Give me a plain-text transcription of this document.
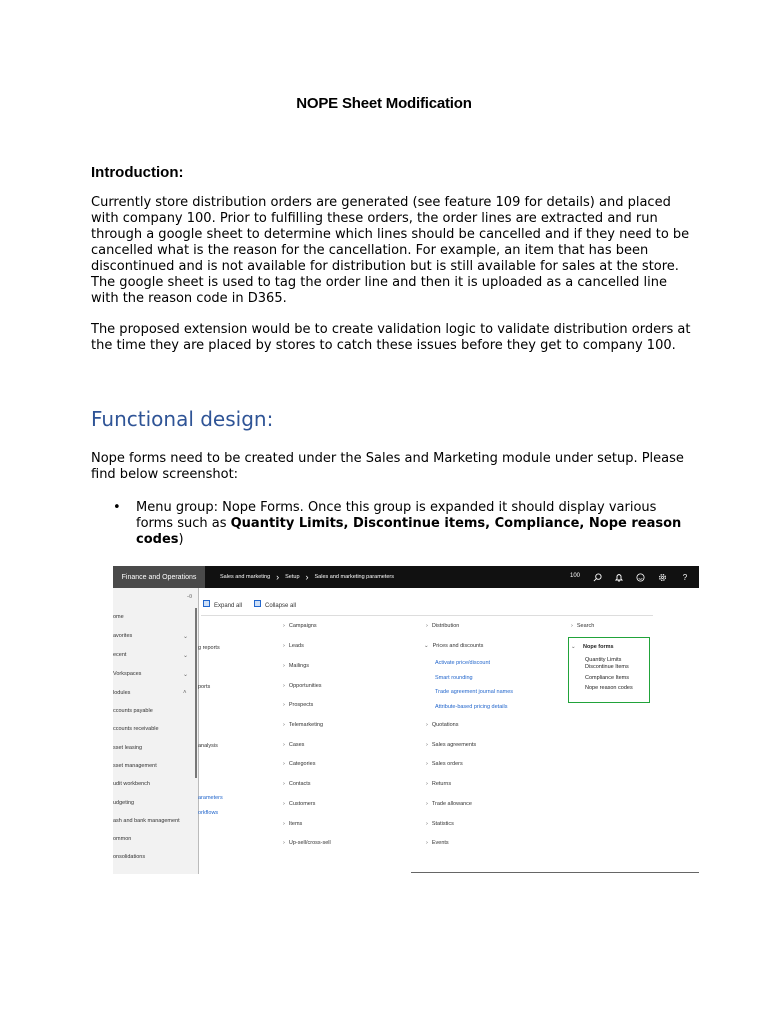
NOPE Sheet Modification
Introduction:
Currently store distribution orders are generated (see feature 109 for details) and placed with company 100. Prior to fulfilling these orders, the order lines are extracted and run through a google sheet to determine which lines should be cancelled and if they need to be cancelled what is the reason for the cancellation. For example, an item that has been discontinued and is not available for distribution but is still available for sales at the store. The google sheet is used to tag the order line and then it is uploaded as a cancelled line with the reason code in D365.
The proposed extension would be to create validation logic to validate distribution orders at the time they are placed by stores to catch these issues before they get to company 100.
Functional design:
Nope forms need to be created under the Sales and Marketing module under setup. Please find below screenshot:
• Menu group: Nope Forms. Once this group is expanded it should display various forms such as Quantity Limits, Discontinue items, Compliance, Nope reason codes)
Finance and Operations	Sales and marketing › Setup › Sales and marketing parameters	100	?
-¤
ome
avorites	⌄
ecent	⌄
Vorkspaces	⌄
lodules	˄
ccounts payable
ccounts receivable
sset leasing
sset management
udit workbench
udgeting
ash and bank management
ommon
onsolidations
g reports
ports
analysis
arameters
orkflows
Expand all	Collapse all
› Campaigns
› Leads
› Mailings
› Opportunities
› Prospects
› Telemarketing
› Cases
› Categories
› Contacts
› Customers
› Items
› Up-sell/cross-sell
› Distribution
⌄ Prices and discounts
Activate price/discount
Smart rounding
Trade agreement journal names
Attribute-based pricing details
› Quotations
› Sales agreements
› Sales orders
› Returns
› Trade allowance
› Statistics
› Events
› Search
⌄ Nope forms
Quantity Limits
Discontinue Items
Compliance Items
Nope reason codes
